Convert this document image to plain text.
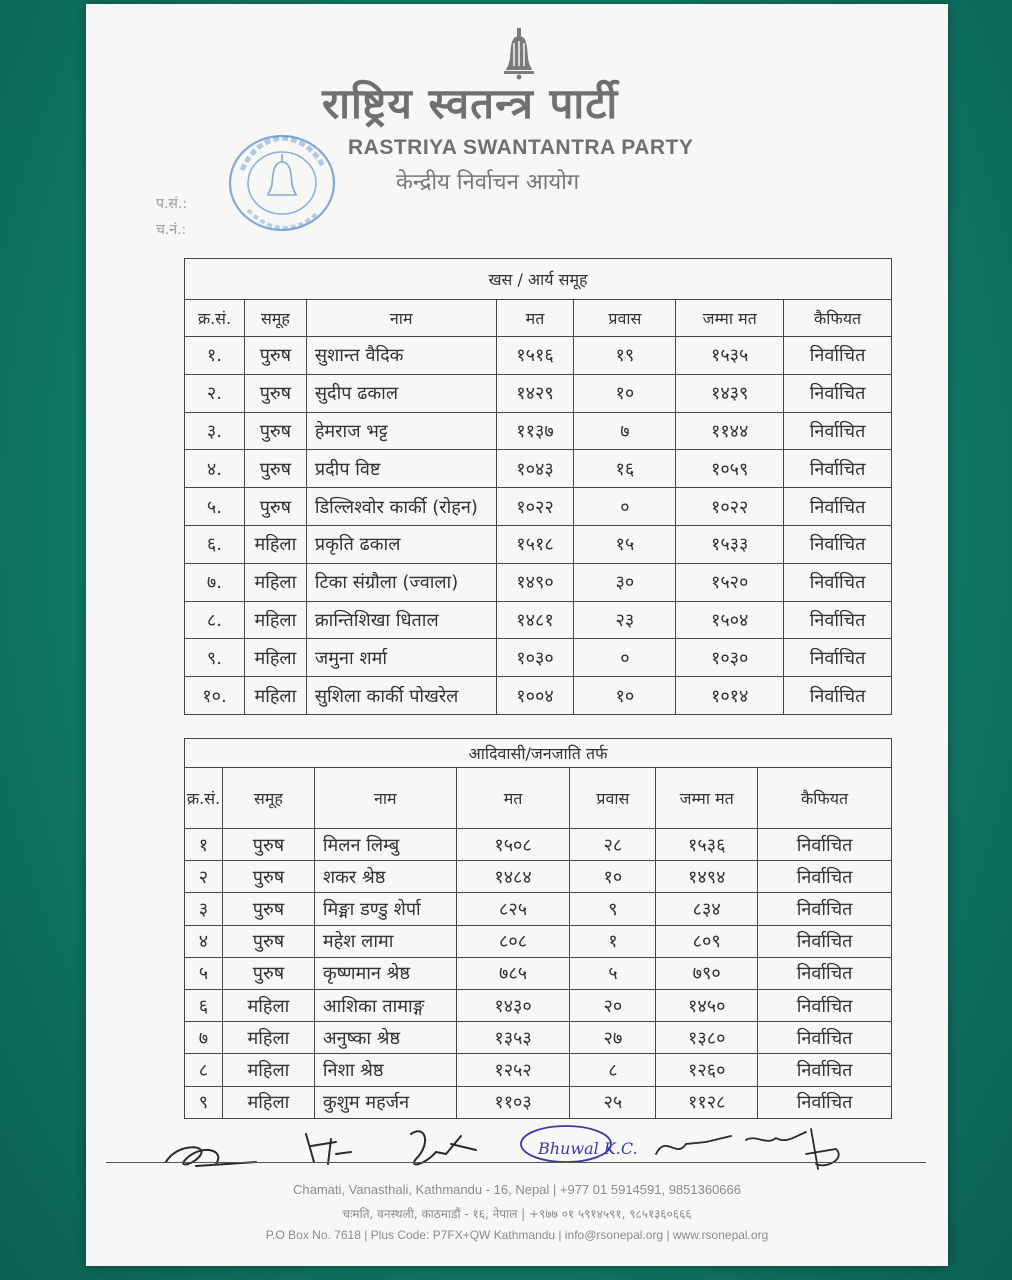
राष्ट्रिय स्वतन्त्र पार्टी
RASTRIYA SWANTANTRA PARTY
केन्द्रीय निर्वाचन आयोग
प.सं.:
च.नं.:
खस / आर्य समूह						
क्र.सं.	समूह	नाम	मत	प्रवास	जम्मा मत	कैफियत
१.	पुरुष	सुशान्त वैदिक	१५१६	१९	१५३५	निर्वाचित
२.	पुरुष	सुदीप ढकाल	१४२९	१०	१४३९	निर्वाचित
३.	पुरुष	हेमराज भट्ट	११३७	७	११४४	निर्वाचित
४.	पुरुष	प्रदीप विष्ट	१०४३	१६	१०५९	निर्वाचित
५.	पुरुष	डिल्लिश्वोर कार्की (रोहन)	१०२२	०	१०२२	निर्वाचित
६.	महिला	प्रकृति ढकाल	१५१८	१५	१५३३	निर्वाचित
७.	महिला	टिका संग्रौला (ज्वाला)	१४९०	३०	१५२०	निर्वाचित
८.	महिला	क्रान्तिशिखा धिताल	१४८१	२३	१५०४	निर्वाचित
९.	महिला	जमुना शर्मा	१०३०	०	१०३०	निर्वाचित
१०.	महिला	सुशिला कार्की पोखरेल	१००४	१०	१०१४	निर्वाचित
आदिवासी/जनजाति तर्फ						
क्र.सं.	समूह	नाम	मत	प्रवास	जम्मा मत	कैफियत
१	पुरुष	मिलन लिम्बु	१५०८	२८	१५३६	निर्वाचित
२	पुरुष	शकर श्रेष्ठ	१४८४	१०	१४९४	निर्वाचित
३	पुरुष	मिङ्मा डण्डु शेर्पा	८२५	९	८३४	निर्वाचित
४	पुरुष	महेश लामा	८०८	१	८०९	निर्वाचित
५	पुरुष	कृष्णमान श्रेष्ठ	७८५	५	७९०	निर्वाचित
६	महिला	आशिका तामाङ्ग	१४३०	२०	१४५०	निर्वाचित
७	महिला	अनुष्का श्रेष्ठ	१३५३	२७	१३८०	निर्वाचित
८	महिला	निशा श्रेष्ठ	१२५२	८	१२६०	निर्वाचित
९	महिला	कुशुम महर्जन	११०३	२५	११२८	निर्वाचित
Bhuwal K.C.
Chamati, Vanasthali, Kathmandu - 16, Nepal | +977 01 5914591, 9851360666
चःमति, वनस्थली, काठमाडौं - १६, नेपाल | +९७७ ०१ ५९१४५९१, ९८५१३६०६६६
P.O Box No. 7618 | Plus Code: P7FX+QW Kathmandu | info@rsonepal.org | www.rsonepal.org
